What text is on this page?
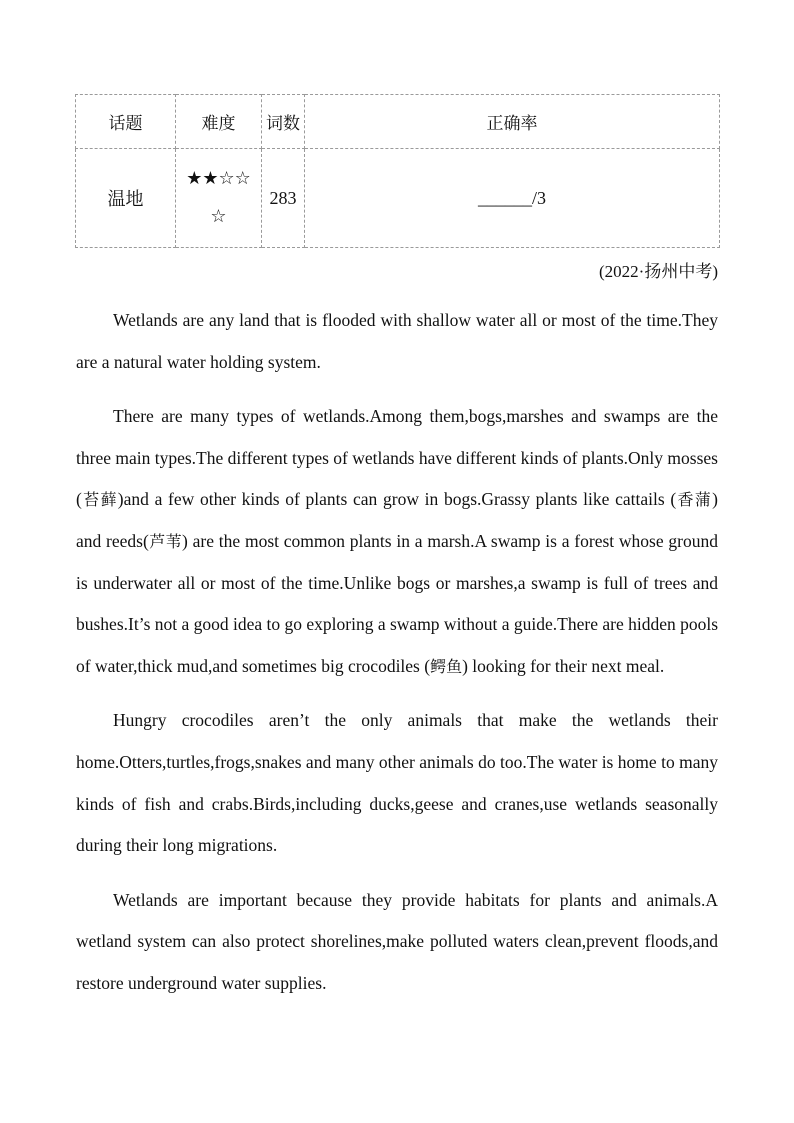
话题	难度	词数	正确率
温地	★★☆☆☆	283	______/3
(2022·扬州中考)

Wetlands are any land that is flooded with shallow water all or most of the time.They are a natural water holding system.

There are many types of wetlands.Among them,bogs,marshes and swamps are the three main types.The different types of wetlands have different kinds of plants.Only mosses (苔藓)and a few other kinds of plants can grow in bogs.Grassy plants like cattails (香蒲) and reeds(芦苇) are the most common plants in a marsh.A swamp is a forest whose ground is underwater all or most of the time.Unlike bogs or marshes,a swamp is full of trees and bushes.It’s not a good idea to go exploring a swamp without a guide.There are hidden pools of water,thick mud,and sometimes big crocodiles (鳄鱼) looking for their next meal.

Hungry crocodiles aren’t the only animals that make the wetlands their home.Otters,turtles,frogs,snakes and many other animals do too.The water is home to many kinds of fish and crabs.Birds,including ducks,geese and cranes,use wetlands seasonally during their long migrations.

Wetlands are important because they provide habitats for plants and animals.A wetland system can also protect shorelines,make polluted waters clean,prevent floods,and restore underground water supplies.
